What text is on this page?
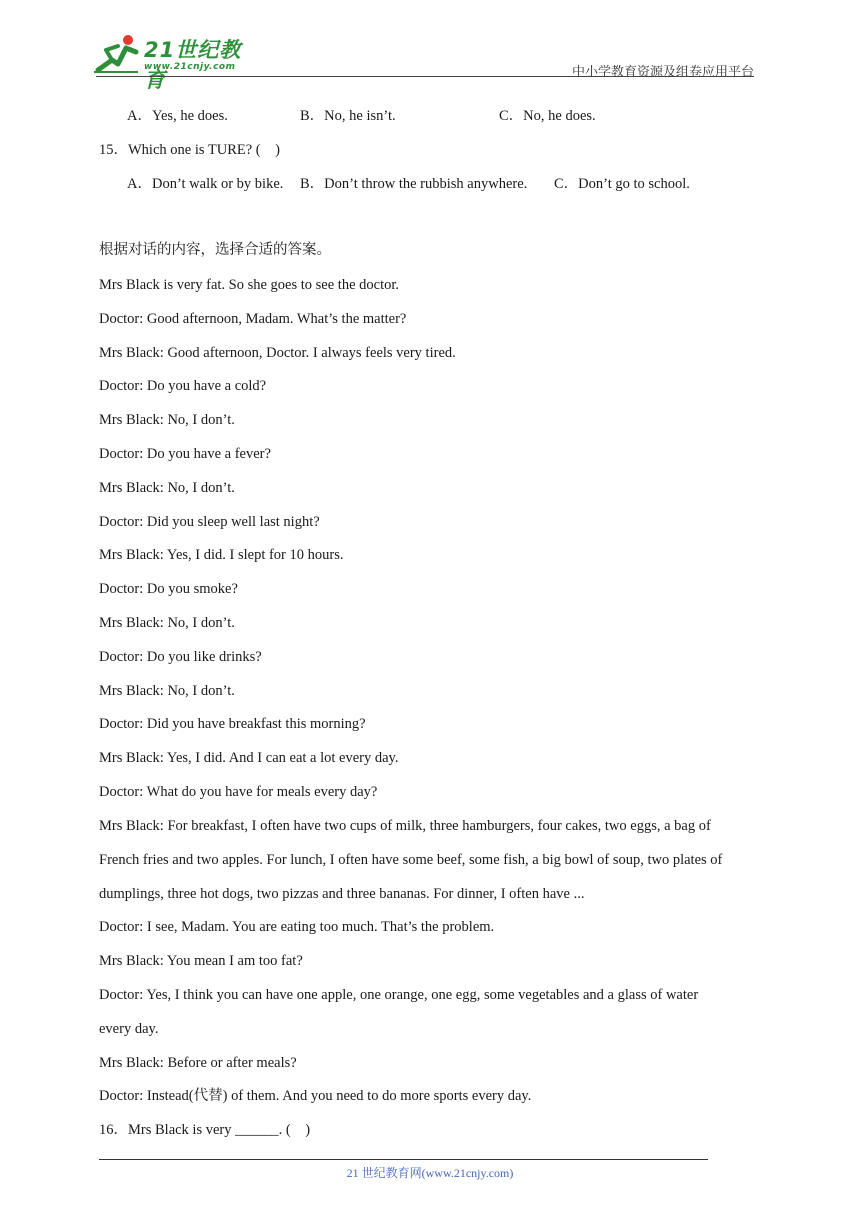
21世纪教育
www.21cnjy.com	中小学教育资源及组卷应用平台
A．Yes, he does.	B．No, he isn’t.	C．No, he does.
15．Which one is TURE? (　)
A．Don’t walk or by bike. B．Don’t throw the rubbish anywhere. C．Don’t go to school.
根据对话的内容，选择合适的答案。
Mrs Black is very fat. So she goes to see the doctor.
Doctor: Good afternoon, Madam. What’s the matter?
Mrs Black: Good afternoon, Doctor. I always feels very tired.
Doctor: Do you have a cold?
Mrs Black: No, I don’t.
Doctor: Do you have a fever?
Mrs Black: No, I don’t.
Doctor: Did you sleep well last night?
Mrs Black: Yes, I did. I slept for 10 hours.
Doctor: Do you smoke?
Mrs Black: No, I don’t.
Doctor: Do you like drinks?
Mrs Black: No, I don’t.
Doctor: Did you have breakfast this morning?
Mrs Black: Yes, I did. And I can eat a lot every day.
Doctor: What do you have for meals every day?
Mrs Black: For breakfast, I often have two cups of milk, three hamburgers, four cakes, two eggs, a bag of
French fries and two apples. For lunch, I often have some beef, some fish, a big bowl of soup, two plates of
dumplings, three hot dogs, two pizzas and three bananas. For dinner, I often have ...
Doctor: I see, Madam. You are eating too much. That’s the problem.
Mrs Black: You mean I am too fat?
Doctor: Yes, I think you can have one apple, one orange, one egg, some vegetables and a glass of water
every day.
Mrs Black: Before or after meals?
Doctor: Instead(代替) of them. And you need to do more sports every day.
16．Mrs Black is very ______. (　)
21 世纪教育网(www.21cnjy.com)
